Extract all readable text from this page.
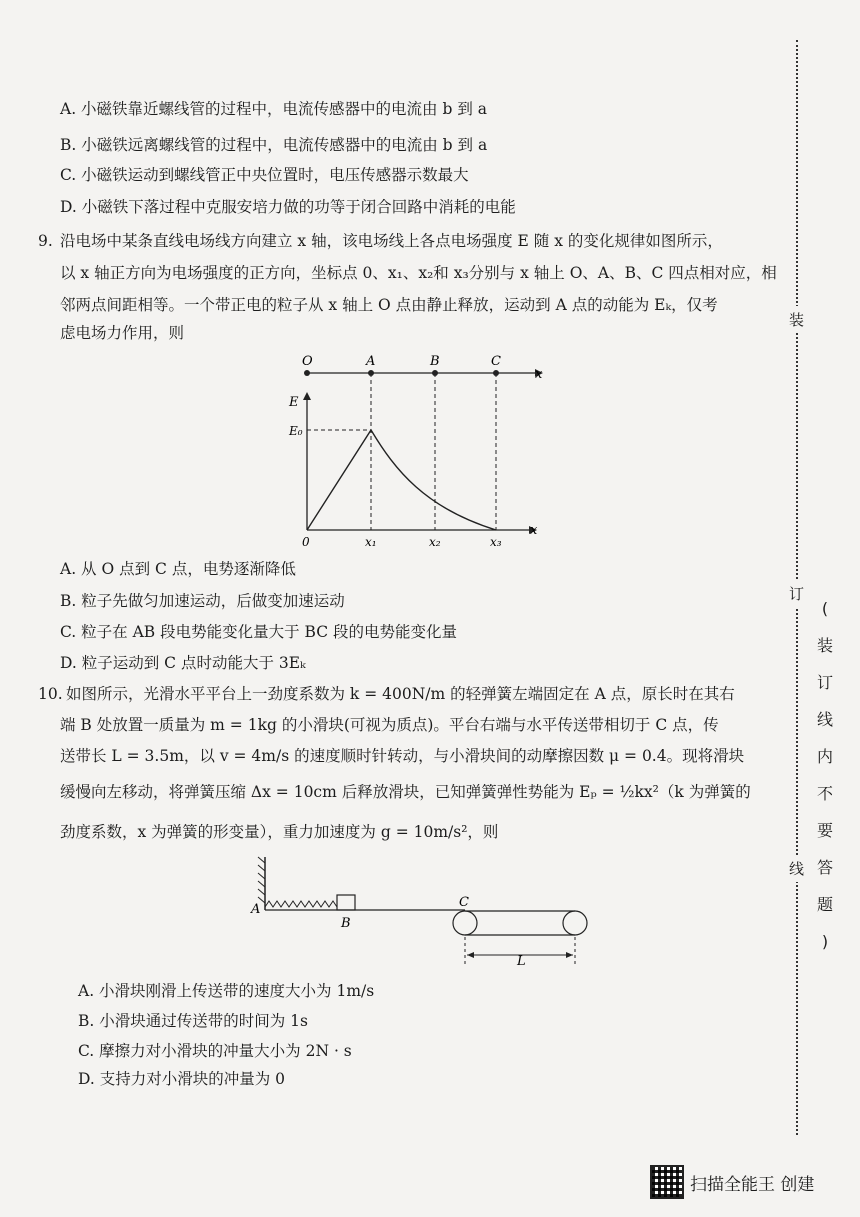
A. 小磁铁靠近螺线管的过程中，电流传感器中的电流由 b 到 a
B. 小磁铁远离螺线管的过程中，电流传感器中的电流由 b 到 a
C. 小磁铁运动到螺线管正中央位置时，电压传感器示数最大
D. 小磁铁下落过程中克服安培力做的功等于闭合回路中消耗的电能
9. 沿电场中某条直线电场线方向建立 x 轴，该电场线上各点电场强度 E 随 x 的变化规律如图所示，
以 x 轴正方向为电场强度的正方向，坐标点 0、x₁、x₂和 x₃分别与 x 轴上 O、A、B、C 四点相对应，相
邻两点间距相等。一个带正电的粒子从 x 轴上 O 点由静止释放，运动到 A 点的动能为 Eₖ，仅考
虑电场力作用，则
O	A	B	C
x
E
x
E₀
0	x₁	x₂	x₃
A. 从 O 点到 C 点，电势逐渐降低
B. 粒子先做匀加速运动，后做变加速运动
C. 粒子在 AB 段电势能变化量大于 BC 段的电势能变化量
D. 粒子运动到 C 点时动能大于 3Eₖ
10. 如图所示，光滑水平平台上一劲度系数为 k = 400N/m 的轻弹簧左端固定在 A 点，原长时在其右
端 B 处放置一质量为 m = 1kg 的小滑块(可视为质点)。平台右端与水平传送带相切于 C 点，传
送带长 L = 3.5m，以 v = 4m/s 的速度顺时针转动，与小滑块间的动摩擦因数 μ = 0.4。现将滑块
缓慢向左移动，将弹簧压缩 Δx = 10cm 后释放滑块，已知弹簧弹性势能为 Eₚ = ½kx²（k 为弹簧的
劲度系数，x 为弹簧的形变量），重力加速度为 g = 10m/s²，则
A
B
C
L
A. 小滑块刚滑上传送带的速度大小为 1m/s
B. 小滑块通过传送带的时间为 1s
C. 摩擦力对小滑块的冲量大小为 2N · s
D. 支持力对小滑块的冲量为 0
装
订
线
(
装
订
线
内
不
要
答
题
)
扫描全能王 创建
